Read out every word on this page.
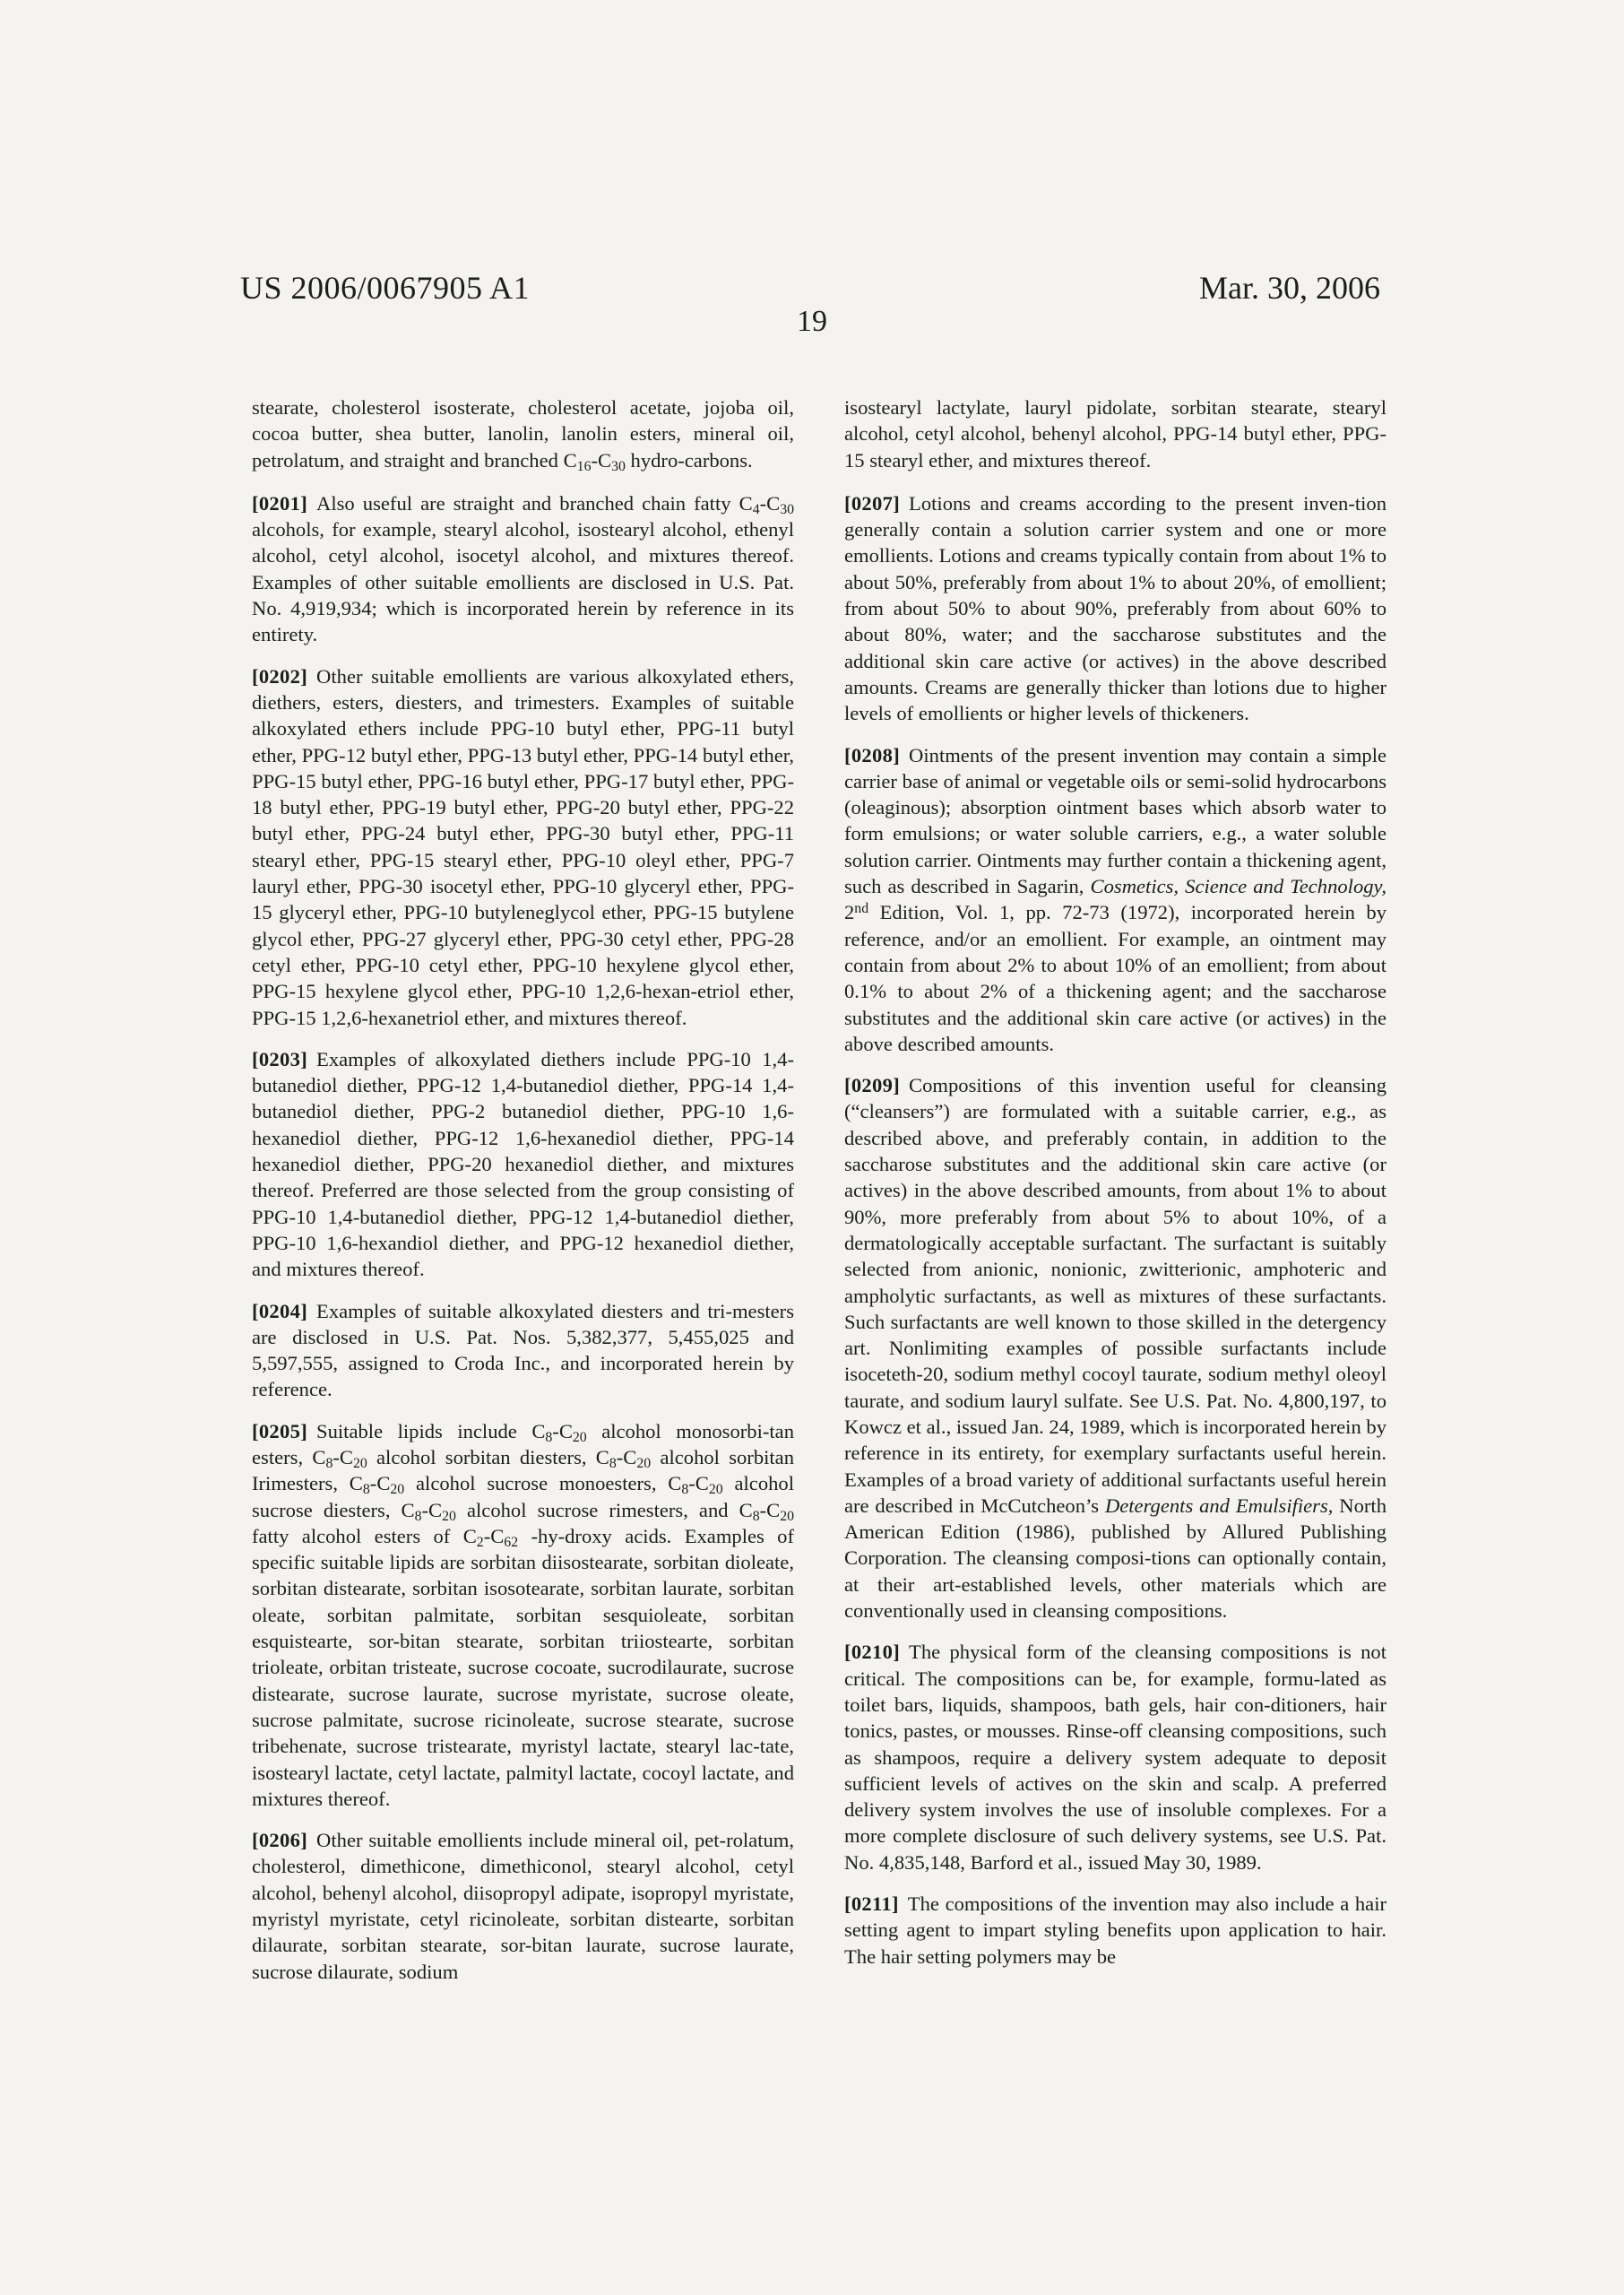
US 2006/0067905 A1	Mar. 30, 2006
19

stearate, cholesterol isosterate, cholesterol acetate, jojoba oil, cocoa butter, shea butter, lanolin, lanolin esters, mineral oil, petrolatum, and straight and branched $C_{16}-C_{30}$ hydro-carbons.

[0201] Also useful are straight and branched chain fatty $C_4-C_{30}$ alcohols, for example, stearyl alcohol, isostearyl alcohol, ethenyl alcohol, cetyl alcohol, isocetyl alcohol, and mixtures thereof. Examples of other suitable emollients are disclosed in U.S. Pat. No. 4,919,934; which is incorporated herein by reference in its entirety.

[0202] Other suitable emollients are various alkoxylated ethers, diethers, esters, diesters, and trimesters. Examples of suitable alkoxylated ethers include PPG-10 butyl ether, PPG-11 butyl ether, PPG-12 butyl ether, PPG-13 butyl ether, PPG-14 butyl ether, PPG-15 butyl ether, PPG-16 butyl ether, PPG-17 butyl ether, PPG-18 butyl ether, PPG-19 butyl ether, PPG-20 butyl ether, PPG-22 butyl ether, PPG-24 butyl ether, PPG-30 butyl ether, PPG-11 stearyl ether, PPG-15 stearyl ether, PPG-10 oleyl ether, PPG-7 lauryl ether, PPG-30 isocetyl ether, PPG-10 glyceryl ether, PPG-15 glyceryl ether, PPG-10 butyleneglycol ether, PPG-15 butylene glycol ether, PPG-27 glyceryl ether, PPG-30 cetyl ether, PPG-28 cetyl ether, PPG-10 cetyl ether, PPG-10 hexylene glycol ether, PPG-15 hexylene glycol ether, PPG-10 1,2,6-hexan-etriol ether, PPG-15 1,2,6-hexanetriol ether, and mixtures thereof.

[0203] Examples of alkoxylated diethers include PPG-10 1,4-butanediol diether, PPG-12 1,4-butanediol diether, PPG-14 1,4-butanediol diether, PPG-2 butanediol diether, PPG-10 1,6-hexanediol diether, PPG-12 1,6-hexanediol diether, PPG-14 hexanediol diether, PPG-20 hexanediol diether, and mixtures thereof. Preferred are those selected from the group consisting of PPG-10 1,4-butanediol diether, PPG-12 1,4-butanediol diether, PPG-10 1,6-hexandiol diether, and PPG-12 hexanediol diether, and mixtures thereof.

[0204] Examples of suitable alkoxylated diesters and tri-mesters are disclosed in U.S. Pat. Nos. 5,382,377, 5,455,025 and 5,597,555, assigned to Croda Inc., and incorporated herein by reference.

[0205] Suitable lipids include $C_8-C_{20}$ alcohol monosorbi-tan esters, $C_8-C_{20}$ alcohol sorbitan diesters, $C_8-C_{20}$ alcohol sorbitan Irimesters, $C_8-C_{20}$ alcohol sucrose monoesters, $C_8-C_{20}$ alcohol sucrose diesters, $C_8-C_{20}$ alcohol sucrose rimesters, and $C_8-C_{20}$ fatty alcohol esters of $C_2-C_{62}$ -hy-droxy acids. Examples of specific suitable lipids are sorbitan diisostearate, sorbitan dioleate, sorbitan distearate, sorbitan isosotearate, sorbitan laurate, sorbitan oleate, sorbitan palmitate, sorbitan sesquioleate, sorbitan esquistearte, sor-bitan stearate, sorbitan triiostearte, sorbitan trioleate, orbitan tristeate, sucrose cocoate, sucrodilaurate, sucrose distearate, sucrose laurate, sucrose myristate, sucrose oleate, sucrose palmitate, sucrose ricinoleate, sucrose stearate, sucrose tribehenate, sucrose tristearate, myristyl lactate, stearyl lac-tate, isostearyl lactate, cetyl lactate, palmityl lactate, cocoyl lactate, and mixtures thereof.

[0206] Other suitable emollients include mineral oil, pet-rolatum, cholesterol, dimethicone, dimethiconol, stearyl alcohol, cetyl alcohol, behenyl alcohol, diisopropyl adipate, isopropyl myristate, myristyl myristate, cetyl ricinoleate, sorbitan distearte, sorbitan dilaurate, sorbitan stearate, sor-bitan laurate, sucrose laurate, sucrose dilaurate, sodium

isostearyl lactylate, lauryl pidolate, sorbitan stearate, stearyl alcohol, cetyl alcohol, behenyl alcohol, PPG-14 butyl ether, PPG-15 stearyl ether, and mixtures thereof.

[0207] Lotions and creams according to the present inven-tion generally contain a solution carrier system and one or more emollients. Lotions and creams typically contain from about 1% to about 50%, preferably from about 1% to about 20%, of emollient; from about 50% to about 90%, preferably from about 60% to about 80%, water; and the saccharose substitutes and the additional skin care active (or actives) in the above described amounts. Creams are generally thicker than lotions due to higher levels of emollients or higher levels of thickeners.

[0208] Ointments of the present invention may contain a simple carrier base of animal or vegetable oils or semi-solid hydrocarbons (oleaginous); absorption ointment bases which absorb water to form emulsions; or water soluble carriers, e.g., a water soluble solution carrier. Ointments may further contain a thickening agent, such as described in Sagarin, Cosmetics, Science and Technology, 2nd Edition, Vol. 1, pp. 72-73 (1972), incorporated herein by reference, and/or an emollient. For example, an ointment may contain from about 2% to about 10% of an emollient; from about 0.1% to about 2% of a thickening agent; and the saccharose substitutes and the additional skin care active (or actives) in the above described amounts.

[0209] Compositions of this invention useful for cleansing (“cleansers”) are formulated with a suitable carrier, e.g., as described above, and preferably contain, in addition to the saccharose substitutes and the additional skin care active (or actives) in the above described amounts, from about 1% to about 90%, more preferably from about 5% to about 10%, of a dermatologically acceptable surfactant. The surfactant is suitably selected from anionic, nonionic, zwitterionic, amphoteric and ampholytic surfactants, as well as mixtures of these surfactants. Such surfactants are well known to those skilled in the detergency art. Nonlimiting examples of possible surfactants include isoceteth-20, sodium methyl cocoyl taurate, sodium methyl oleoyl taurate, and sodium lauryl sulfate. See U.S. Pat. No. 4,800,197, to Kowcz et al., issued Jan. 24, 1989, which is incorporated herein by reference in its entirety, for exemplary surfactants useful herein. Examples of a broad variety of additional surfactants useful herein are described in McCutcheon’s Detergents and Emulsifiers, North American Edition (1986), published by Allured Publishing Corporation. The cleansing composi-tions can optionally contain, at their art-established levels, other materials which are conventionally used in cleansing compositions.

[0210] The physical form of the cleansing compositions is not critical. The compositions can be, for example, formu-lated as toilet bars, liquids, shampoos, bath gels, hair con-ditioners, hair tonics, pastes, or mousses. Rinse-off cleansing compositions, such as shampoos, require a delivery system adequate to deposit sufficient levels of actives on the skin and scalp. A preferred delivery system involves the use of insoluble complexes. For a more complete disclosure of such delivery systems, see U.S. Pat. No. 4,835,148, Barford et al., issued May 30, 1989.

[0211] The compositions of the invention may also include a hair setting agent to impart styling benefits upon application to hair. The hair setting polymers may be
